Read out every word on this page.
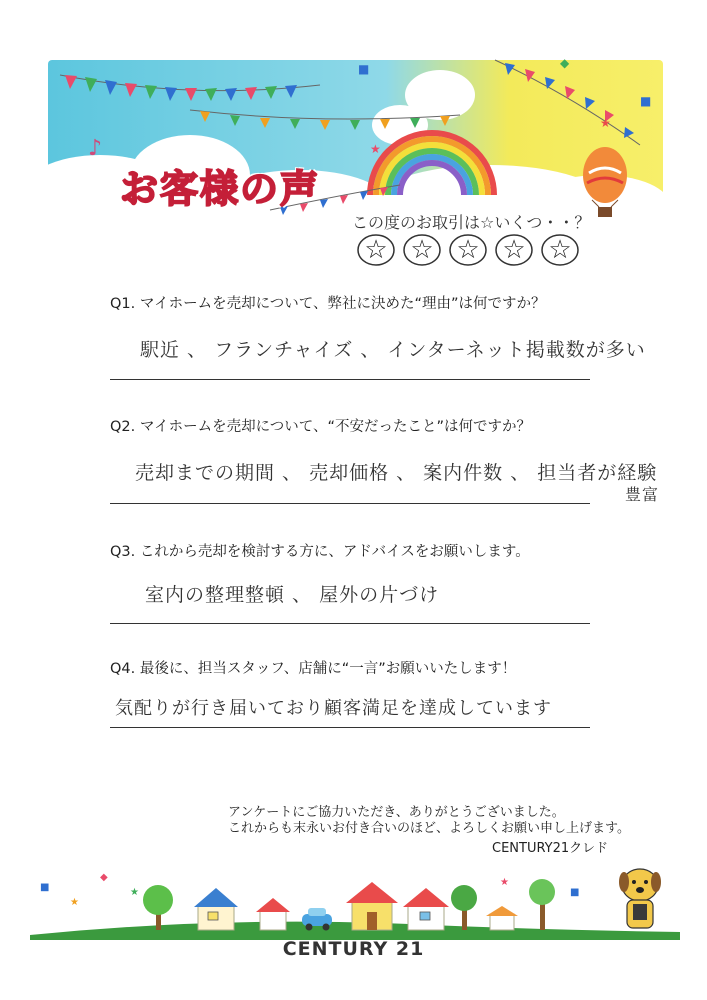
♪
■
★
★
■
◆
お客様の声
この度のお取引は☆いくつ・・？
☆ ☆ ☆ ☆ ☆
Q1. マイホームを売却について、弊社に決めた“理由”は何ですか？
駅近 、 フランチャイズ 、 インターネット掲載数が多い
Q2. マイホームを売却について、“不安だったこと”は何ですか？
売却までの期間 、 売却価格 、 案内件数 、 担当者が経験
豊富
Q3. これから売却を検討する方に、アドバイスをお願いします。
室内の整理整頓 、 屋外の片づけ
Q4. 最後に、担当スタッフ、店舗に“一言”お願いいたします！
気配りが行き届いており顧客満足を達成しています
アンケートにご協力いただき、ありがとうございました。
これからも末永いお付き合いのほど、よろしくお願い申し上げます。
CENTURY21クレド
■
★
◆
★
★
■
CENTURY 21
